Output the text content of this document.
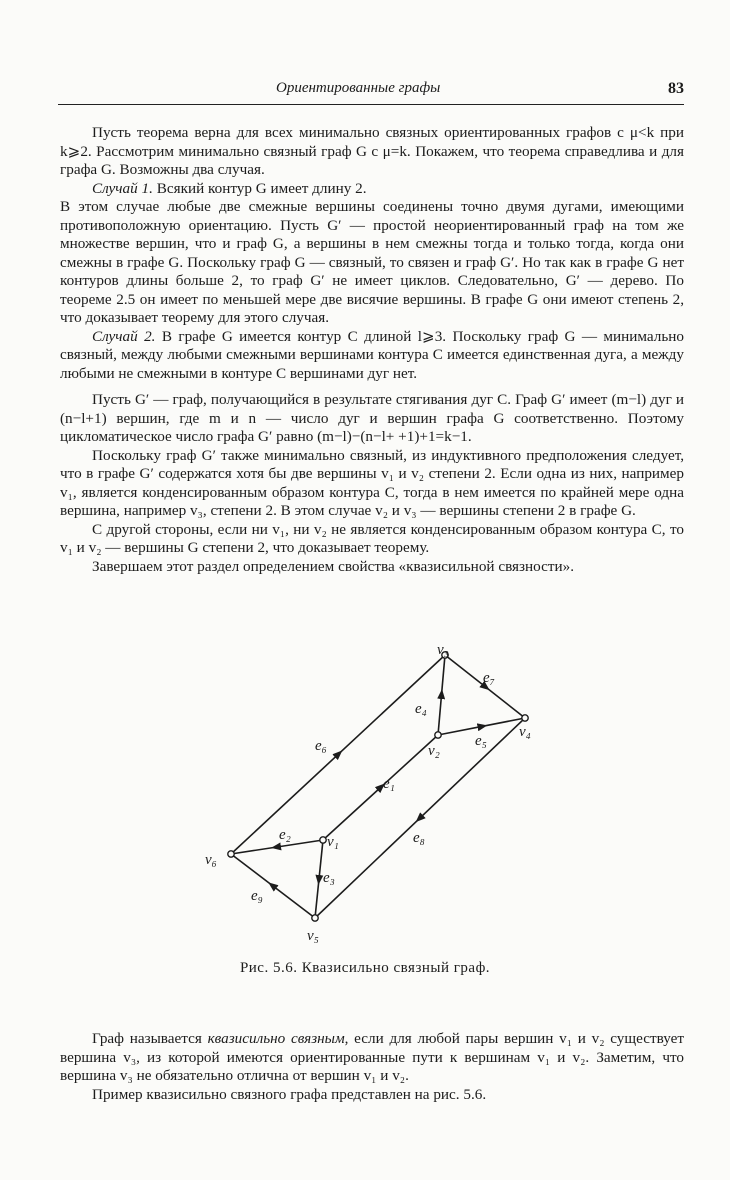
Ориентированные графы	83

Пусть теорема верна для всех минимально связных ориентированных графов с μ<k при k⩾2. Рассмотрим минимально связный граф G с μ=k. Покажем, что теорема справедлива и для графа G. Возможны два случая.

Случай 1. Всякий контур G имеет длину 2.

В этом случае любые две смежные вершины соединены точно двумя дугами, имеющими противоположную ориентацию. Пусть G′ — простой неориентированный граф на том же множестве вершин, что и граф G, а вершины в нем смежны тогда и только тогда, когда они смежны в графе G. Поскольку граф G — связный, то связен и граф G′. Но так как в графе G нет контуров длины больше 2, то граф G′ не имеет циклов. Следовательно, G′ — дерево. По теореме 2.5 он имеет по меньшей мере две висячие вершины. В графе G они имеют степень 2, что доказывает теорему для этого случая.

Случай 2. В графе G имеется контур C длиной l⩾3. Поскольку граф G — минимально связный, между любыми смежными вершинами контура C имеется единственная дуга, а между любыми не смежными в контуре C вершинами дуг нет.

Пусть G′ — граф, получающийся в результате стягивания дуг C. Граф G′ имеет (m−l) дуг и (n−l+1) вершин, где m и n — число дуг и вершин графа G соответственно. Поэтому цикломатическое число графа G′ равно (m−l)−(n−l+ +1)+1=k−1.

Поскольку граф G′ также минимально связный, из индуктивного предположения следует, что в графе G′ содержатся хотя бы две вершины v₁ и v₂ степени 2. Если одна из них, например v₁, является конденсированным образом контура C, тогда в нем имеется по крайней мере одна вершина, например v₃, степени 2. В этом случае v₂ и v₃ — вершины степени 2 в графе G.

С другой стороны, если ни v₁, ни v₂ не является конденсированным образом контура C, то v₁ и v₂ — вершины G степени 2, что доказывает теорему.

Завершаем этот раздел определением свойства «квазисильной связности».

e₁
e₂
e₃
e₄
e₅
e₆
e₇
e₈
e₉
v₁
v₂
v₃
v₄
v₅
v₆
Рис. 5.6. Квазисильно связный граф.

Граф называется квазисильно связным, если для любой пары вершин v₁ и v₂ существует вершина v₃, из которой имеются ориентированные пути к вершинам v₁ и v₂. Заметим, что вершина v₃ не обязательно отлична от вершин v₁ и v₂.

Пример квазисильно связного графа представлен на рис. 5.6.
